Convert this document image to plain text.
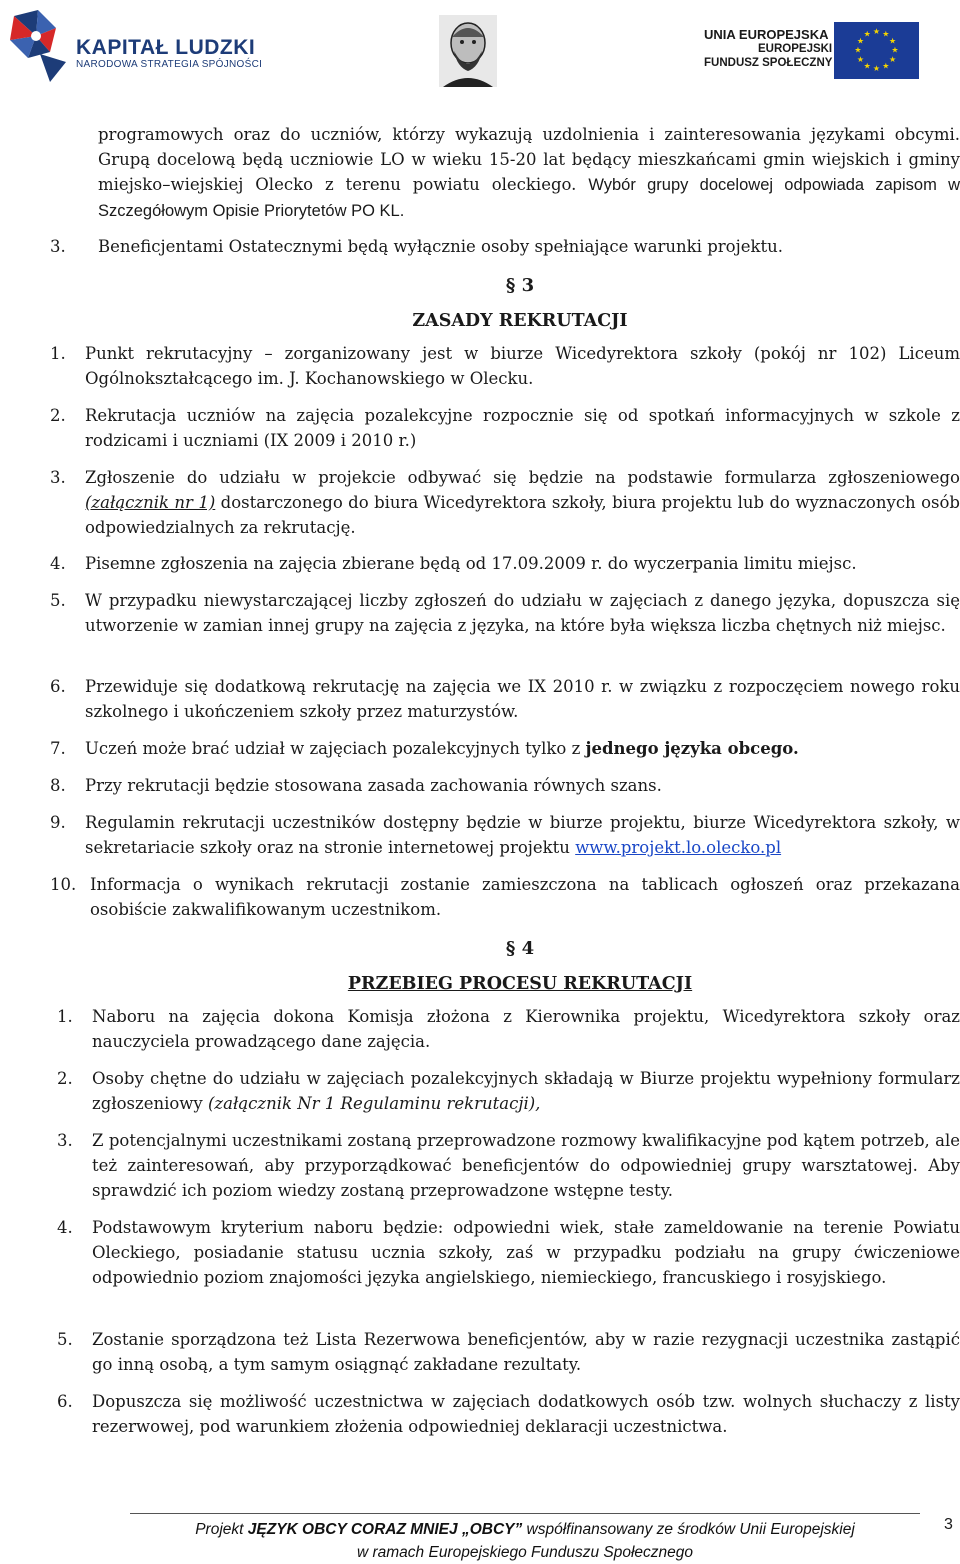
KAPITAŁ LUDZKI
NARODOWA STRATEGIA SPÓJNOŚCI
UNIA EUROPEJSKA
EUROPEJSKI
FUNDUSZ SPOŁECZNY
★ ★
★
★
★
★
★
★
★
★
★
★
programowych oraz do uczniów, którzy wykazują uzdolnienia i zainteresowania językami obcymi. Grupą docelową będą uczniowie LO w wieku 15-20 lat będący mieszkańcami gmin wiejskich i gminy miejsko–wiejskiej Olecko z terenu powiatu oleckiego. Wybór grupy docelowej odpowiada zapisom w Szczegółowym Opisie Priorytetów PO KL.
3. Beneficjentami Ostatecznymi będą wyłącznie osoby spełniające warunki projektu.
§ 3
ZASADY REKRUTACJI
1. Punkt rekrutacyjny – zorganizowany jest w biurze Wicedyrektora szkoły (pokój nr 102) Liceum Ogólnokształcącego im. J. Kochanowskiego w Olecku.
2. Rekrutacja uczniów na zajęcia pozalekcyjne rozpocznie się od spotkań informacyjnych w szkole z rodzicami i uczniami (IX 2009 i 2010 r.)
3. Zgłoszenie do udziału w projekcie odbywać się będzie na podstawie formularza zgłoszeniowego (załącznik nr 1) dostarczonego do biura Wicedyrektora szkoły, biura projektu lub do wyznaczonych osób odpowiedzialnych za rekrutację.
4. Pisemne zgłoszenia na zajęcia zbierane będą od 17.09.2009 r. do wyczerpania limitu miejsc.
5. W przypadku niewystarczającej liczby zgłoszeń do udziału w zajęciach z danego języka, dopuszcza się utworzenie w zamian innej grupy na zajęcia z języka, na które była większa liczba chętnych niż miejsc.
6. Przewiduje się dodatkową rekrutację na zajęcia we IX 2010 r. w związku z rozpoczęciem nowego roku szkolnego i ukończeniem szkoły przez maturzystów.
7. Uczeń może brać udział w zajęciach pozalekcyjnych tylko z jednego języka obcego.
8. Przy rekrutacji będzie stosowana zasada zachowania równych szans.
9. Regulamin rekrutacji uczestników dostępny będzie w biurze projektu, biurze Wicedyrektora szkoły, w sekretariacie szkoły oraz na stronie internetowej projektu www.projekt.lo.olecko.pl
10. Informacja o wynikach rekrutacji zostanie zamieszczona na tablicach ogłoszeń oraz przekazana osobiście zakwalifikowanym uczestnikom.
§ 4
PRZEBIEG PROCESU REKRUTACJI
1. Naboru na zajęcia dokona Komisja złożona z Kierownika projektu, Wicedyrektora szkoły oraz nauczyciela prowadzącego dane zajęcia.
2. Osoby chętne do udziału w zajęciach pozalekcyjnych składają w Biurze projektu wypełniony formularz zgłoszeniowy (załącznik Nr 1 Regulaminu rekrutacji),
3. Z potencjalnymi uczestnikami zostaną przeprowadzone rozmowy kwalifikacyjne pod kątem potrzeb, ale też zainteresowań, aby przyporządkować beneficjentów do odpowiedniej grupy warsztatowej. Aby sprawdzić ich poziom wiedzy zostaną przeprowadzone wstępne testy.
4. Podstawowym kryterium naboru będzie: odpowiedni wiek, stałe zameldowanie na terenie Powiatu Oleckiego, posiadanie statusu ucznia szkoły, zaś w przypadku podziału na grupy ćwiczeniowe odpowiednio poziom znajomości języka angielskiego, niemieckiego, francuskiego i rosyjskiego.
5. Zostanie sporządzona też Lista Rezerwowa beneficjentów, aby w razie rezygnacji uczestnika zastąpić go inną osobą, a tym samym osiągnąć zakładane rezultaty.
6. Dopuszcza się możliwość uczestnictwa w zajęciach dodatkowych osób tzw. wolnych słuchaczy z listy rezerwowej, pod warunkiem złożenia odpowiedniej deklaracji uczestnictwa.
Projekt JĘZYK OBCY CORAZ MNIEJ „OBCY” współfinansowany ze środków Unii Europejskiej
w ramach Europejskiego Funduszu Społecznego
3
